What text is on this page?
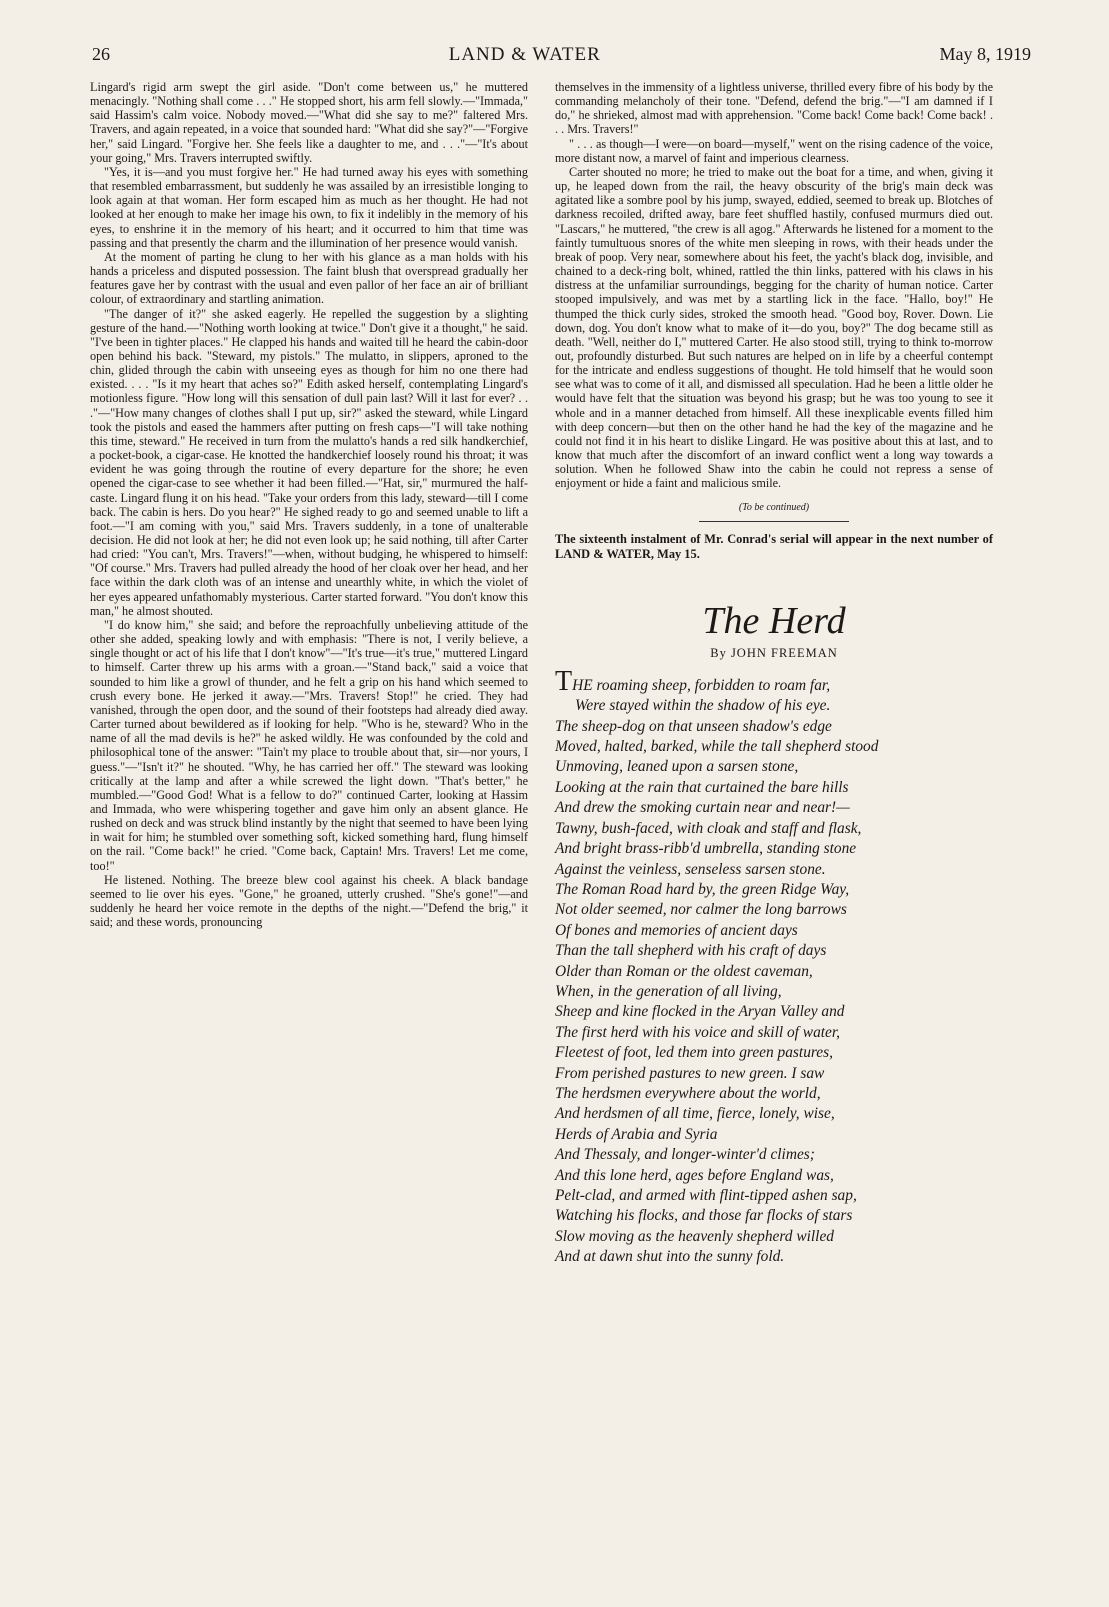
26	LAND & WATER	May 8, 1919

Lingard's rigid arm swept the girl aside. "Don't come between us," he muttered menacingly. "Nothing shall come . . ." He stopped short, his arm fell slowly.—"Immada," said Hassim's calm voice. Nobody moved.—"What did she say to me?" faltered Mrs. Travers, and again repeated, in a voice that sounded hard: "What did she say?"—"Forgive her," said Lingard. "Forgive her. She feels like a daughter to me, and . . ."—"It's about your going," Mrs. Travers interrupted swiftly.

"Yes, it is—and you must forgive her." He had turned away his eyes with something that resembled embarrassment, but suddenly he was assailed by an irresistible longing to look again at that woman. Her form escaped him as much as her thought. He had not looked at her enough to make her image his own, to fix it indelibly in the memory of his eyes, to enshrine it in the memory of his heart; and it occurred to him that time was passing and that presently the charm and the illumination of her presence would vanish.

At the moment of parting he clung to her with his glance as a man holds with his hands a priceless and disputed possession. The faint blush that overspread gradually her features gave her by contrast with the usual and even pallor of her face an air of brilliant colour, of extraordinary and startling animation.

"The danger of it?" she asked eagerly. He repelled the suggestion by a slighting gesture of the hand.—"Nothing worth looking at twice." Don't give it a thought," he said. "I've been in tighter places." He clapped his hands and waited till he heard the cabin-door open behind his back. "Steward, my pistols." The mulatto, in slippers, aproned to the chin, glided through the cabin with unseeing eyes as though for him no one there had existed. . . . "Is it my heart that aches so?" Edith asked herself, contemplating Lingard's motionless figure. "How long will this sensation of dull pain last? Will it last for ever? . . ."—"How many changes of clothes shall I put up, sir?" asked the steward, while Lingard took the pistols and eased the hammers after putting on fresh caps—"I will take nothing this time, steward." He received in turn from the mulatto's hands a red silk handkerchief, a pocket-book, a cigar-case. He knotted the handkerchief loosely round his throat; it was evident he was going through the routine of every departure for the shore; he even opened the cigar-case to see whether it had been filled.—"Hat, sir," murmured the half-caste. Lingard flung it on his head. "Take your orders from this lady, steward—till I come back. The cabin is hers. Do you hear?" He sighed ready to go and seemed unable to lift a foot.—"I am coming with you," said Mrs. Travers suddenly, in a tone of unalterable decision. He did not look at her; he did not even look up; he said nothing, till after Carter had cried: "You can't, Mrs. Travers!"—when, without budging, he whispered to himself: "Of course." Mrs. Travers had pulled already the hood of her cloak over her head, and her face within the dark cloth was of an intense and unearthly white, in which the violet of her eyes appeared unfathomably mysterious. Carter started forward. "You don't know this man," he almost shouted.

"I do know him," she said; and before the reproachfully unbelieving attitude of the other she added, speaking lowly and with emphasis: "There is not, I verily believe, a single thought or act of his life that I don't know"—"It's true—it's true," muttered Lingard to himself. Carter threw up his arms with a groan.—"Stand back," said a voice that sounded to him like a growl of thunder, and he felt a grip on his hand which seemed to crush every bone. He jerked it away.—"Mrs. Travers! Stop!" he cried. They had vanished, through the open door, and the sound of their footsteps had already died away. Carter turned about bewildered as if looking for help. "Who is he, steward? Who in the name of all the mad devils is he?" he asked wildly. He was confounded by the cold and philosophical tone of the answer: "Tain't my place to trouble about that, sir—nor yours, I guess."—"Isn't it?" he shouted. "Why, he has carried her off." The steward was looking critically at the lamp and after a while screwed the light down. "That's better," he mumbled.—"Good God! What is a fellow to do?" continued Carter, looking at Hassim and Immada, who were whispering together and gave him only an absent glance. He rushed on deck and was struck blind instantly by the night that seemed to have been lying in wait for him; he stumbled over something soft, kicked something hard, flung himself on the rail. "Come back!" he cried. "Come back, Captain! Mrs. Travers! Let me come, too!"

He listened. Nothing. The breeze blew cool against his cheek. A black bandage seemed to lie over his eyes. "Gone," he groaned, utterly crushed. "She's gone!"—and suddenly he heard her voice remote in the depths of the night.—"Defend the brig," it said; and these words, pronouncing

themselves in the immensity of a lightless universe, thrilled every fibre of his body by the commanding melancholy of their tone. "Defend, defend the brig."—"I am damned if I do," he shrieked, almost mad with apprehension. "Come back! Come back! Come back! . . . Mrs. Travers!"

" . . . as though—I were—on board—myself," went on the rising cadence of the voice, more distant now, a marvel of faint and imperious clearness.

Carter shouted no more; he tried to make out the boat for a time, and when, giving it up, he leaped down from the rail, the heavy obscurity of the brig's main deck was agitated like a sombre pool by his jump, swayed, eddied, seemed to break up. Blotches of darkness recoiled, drifted away, bare feet shuffled hastily, confused murmurs died out. "Lascars," he muttered, "the crew is all agog." Afterwards he listened for a moment to the faintly tumultuous snores of the white men sleeping in rows, with their heads under the break of poop. Very near, somewhere about his feet, the yacht's black dog, invisible, and chained to a deck-ring bolt, whined, rattled the thin links, pattered with his claws in his distress at the unfamiliar surroundings, begging for the charity of human notice. Carter stooped impulsively, and was met by a startling lick in the face. "Hallo, boy!" He thumped the thick curly sides, stroked the smooth head. "Good boy, Rover. Down. Lie down, dog. You don't know what to make of it—do you, boy?" The dog became still as death. "Well, neither do I," muttered Carter. He also stood still, trying to think to-morrow out, profoundly disturbed. But such natures are helped on in life by a cheerful contempt for the intricate and endless suggestions of thought. He told himself that he would soon see what was to come of it all, and dismissed all speculation. Had he been a little older he would have felt that the situation was beyond his grasp; but he was too young to see it whole and in a manner detached from himself. All these inexplicable events filled him with deep concern—but then on the other hand he had the key of the magazine and he could not find it in his heart to dislike Lingard. He was positive about this at last, and to know that much after the discomfort of an inward conflict went a long way towards a solution. When he followed Shaw into the cabin he could not repress a sense of enjoyment or hide a faint and malicious smile.

(To be continued)
The sixteenth instalment of Mr. Conrad's serial will appear in the next number of LAND & WATER, May 15.
The Herd
By JOHN FREEMAN
THE roaming sheep, forbidden to roam far,
Were stayed within the shadow of his eye.
The sheep-dog on that unseen shadow's edge
Moved, halted, barked, while the tall shepherd stood
Unmoving, leaned upon a sarsen stone,
Looking at the rain that curtained the bare hills
And drew the smoking curtain near and near!—
Tawny, bush-faced, with cloak and staff and flask,
And bright brass-ribb'd umbrella, standing stone
Against the veinless, senseless sarsen stone.
The Roman Road hard by, the green Ridge Way,
Not older seemed, nor calmer the long barrows
Of bones and memories of ancient days
Than the tall shepherd with his craft of days
Older than Roman or the oldest caveman,
When, in the generation of all living,
Sheep and kine flocked in the Aryan Valley and
The first herd with his voice and skill of water,
Fleetest of foot, led them into green pastures,
From perished pastures to new green. I saw
The herdsmen everywhere about the world,
And herdsmen of all time, fierce, lonely, wise,
Herds of Arabia and Syria
And Thessaly, and longer-winter'd climes;
And this lone herd, ages before England was,
Pelt-clad, and armed with flint-tipped ashen sap,
Watching his flocks, and those far flocks of stars
Slow moving as the heavenly shepherd willed
And at dawn shut into the sunny fold.
